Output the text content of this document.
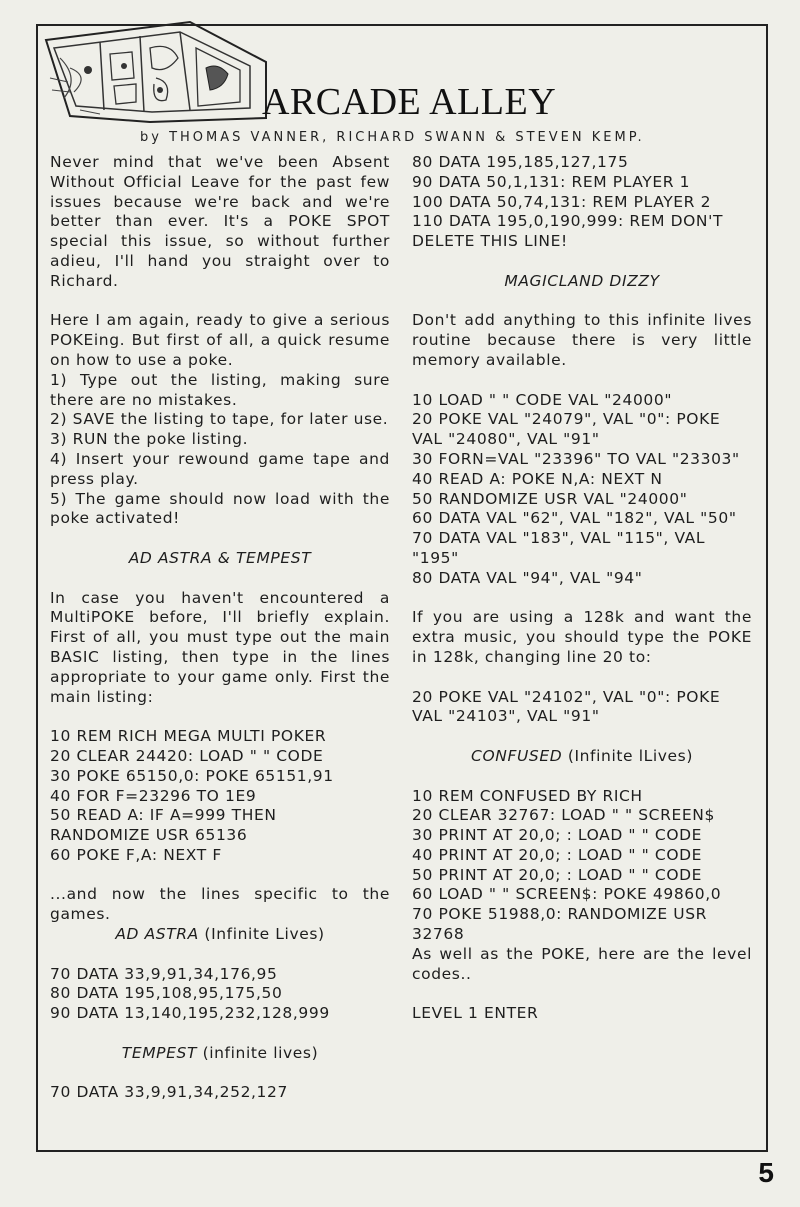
ARCADE ALLEY
by THOMAS VANNER, RICHARD SWANN & STEVEN KEMP.

Never mind that we've been Absent Without Official Leave for the past few issues because we're back and we're better than ever. It's a POKE SPOT special this issue, so without further adieu, I'll hand you straight over to Richard.

Here I am again, ready to give a serious POKEing. But first of all, a quick resume on how to use a poke.

1) Type out the listing, making sure there are no mistakes.

2) SAVE the listing to tape, for later use.

3) RUN the poke listing.

4) Insert your rewound game tape and press play.

5) The game should now load with the poke activated!

AD ASTRA & TEMPEST

In case you haven't encountered a MultiPOKE before, I'll briefly explain. First of all, you must type out the main BASIC listing, then type in the lines appropriate to your game only. First the main listing:

10 REM RICH MEGA MULTI POKER
20 CLEAR 24420: LOAD " " CODE
30 POKE 65150,0: POKE 65151,91
40 FOR F=23296 TO 1E9
50 READ A: IF A=999 THEN
RANDOMIZE USR 65136
60 POKE F,A: NEXT F

...and now the lines specific to the games.

AD ASTRA (Infinite Lives)

70 DATA 33,9,91,34,176,95
80 DATA 195,108,95,175,50
90 DATA 13,140,195,232,128,999

TEMPEST (infinite lives)

70 DATA 33,9,91,34,252,127
80 DATA 195,185,127,175
90 DATA 50,1,131: REM PLAYER 1
100 DATA 50,74,131: REM PLAYER 2
110 DATA 195,0,190,999: REM DON'T DELETE THIS LINE!

MAGICLAND DIZZY

Don't add anything to this infinite lives routine because there is very little memory available.

10 LOAD " " CODE VAL "24000"
20 POKE VAL "24079", VAL "0": POKE VAL "24080", VAL "91"
30 FORN=VAL "23396" TO VAL "23303"
40 READ A: POKE N,A: NEXT N
50 RANDOMIZE USR VAL "24000"
60 DATA VAL "62", VAL "182", VAL "50"
70 DATA VAL "183", VAL "115", VAL "195"
80 DATA VAL "94", VAL "94"

If you are using a 128k and want the extra music, you should type the POKE in 128k, changing line 20 to:

20 POKE VAL "24102", VAL "0": POKE VAL "24103", VAL "91"

CONFUSED (Infinite lLives)

10 REM CONFUSED BY RICH
20 CLEAR 32767: LOAD " " SCREEN$
30 PRINT AT 20,0; : LOAD " " CODE
40 PRINT AT 20,0; : LOAD " " CODE
50 PRINT AT 20,0; : LOAD " " CODE
60 LOAD " " SCREEN$: POKE 49860,0
70 POKE 51988,0: RANDOMIZE USR 32768

As well as the POKE, here are the level codes..

LEVEL 1 ENTER

5
